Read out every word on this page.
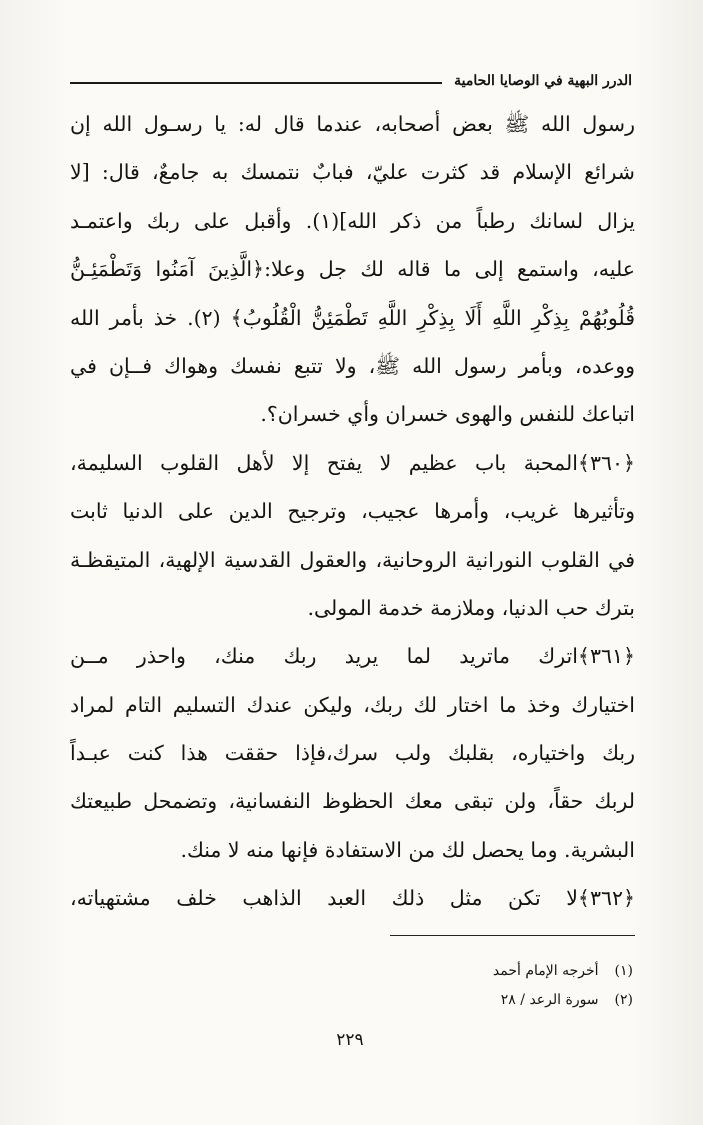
الدرر البهية في الوصايا الحامية
رسول الله ﷺ بعض أصحابه، عندما قال له: يا رسـول الله إن
شرائع الإسلام قد كثرت عليّ، فبابٌ نتمسك به جامعٌ، قال: [لا
يزال لسانك رطباً من ذكر الله](١). وأقبل على ربك واعتمـد
عليه، واستمع إلى ما قاله لك جل وعلا:﴿الَّذِينَ آمَنُوا وَتَطْمَئِـنُّ
قُلُوبُهُمْ بِذِكْرِ اللَّهِ أَلَا بِذِكْرِ اللَّهِ تَطْمَئِنُّ الْقُلُوبُ﴾ (٢). خذ بأمر الله
ووعده، وبأمر رسول الله ﷺ، ولا تتبع نفسك وهواك فــإن في
اتباعك للنفس والهوى خسران وأي خسران؟.
﴿٣٦٠﴾المحبة باب عظيم لا يفتح إلا لأهل القلوب السليمة،
وتأثيرها غريب، وأمرها عجيب، وترجيح الدين على الدنيا ثابت
في القلوب النورانية الروحانية، والعقول القدسية الإلهية، المتيقظـة
بترك حب الدنيا، وملازمة خدمة المولى.
﴿٣٦١﴾اترك ماتريد لما يريد ربك منك، واحذر مــن
اختيارك وخذ ما اختار لك ربك، وليكن عندك التسليم التام لمراد
ربك واختياره، بقلبك ولب سرك،فإذا حققت هذا كنت عبـداً
لربك حقاً، ولن تبقى معك الحظوظ النفسانية، وتضمحل طبيعتك
البشرية. وما يحصل لك من الاستفادة فإنها منه لا منك.
﴿٣٦٢﴾لا تكن مثل ذلك العبد الذاهب خلف مشتهياته،
(١) أخرجه الإمام أحمد
(٢) سورة الرعد / ٢٨
٢٢٩
